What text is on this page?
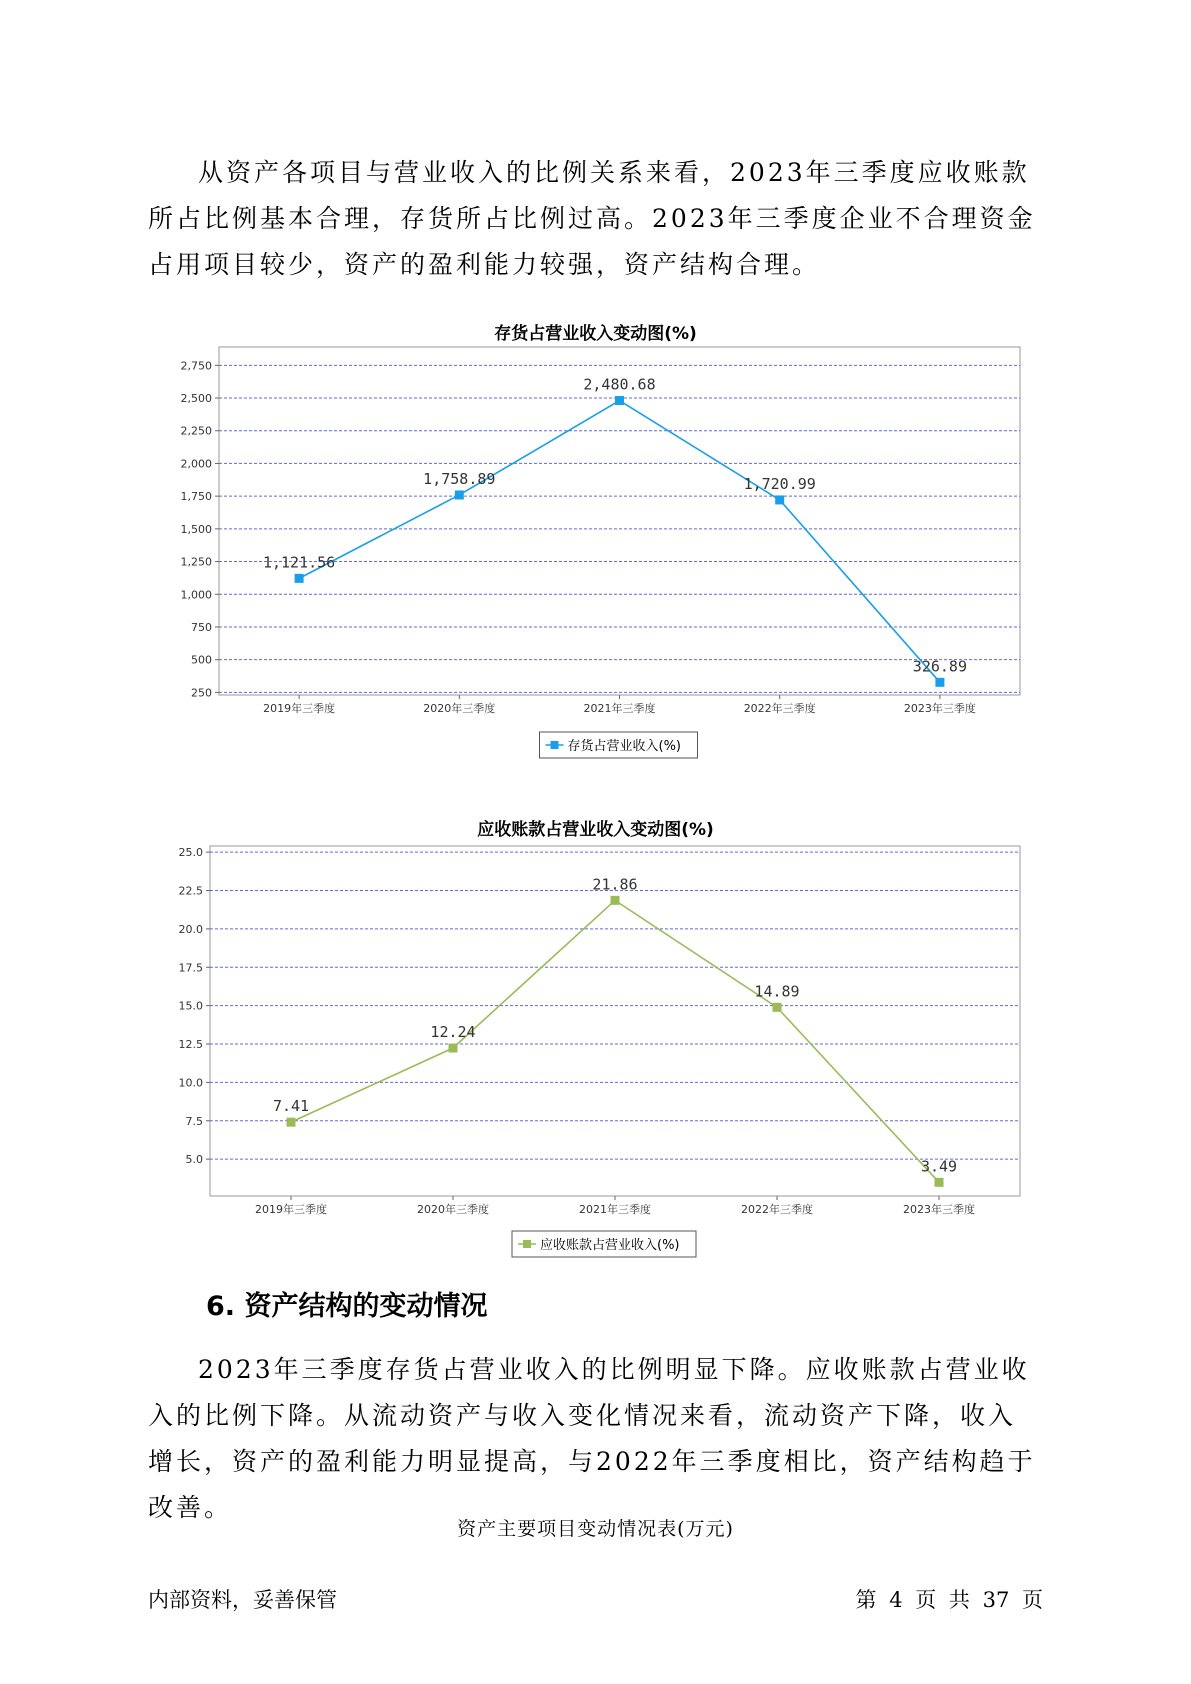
从资产各项目与营业收入的比例关系来看，2023年三季度应收账款所占比例基本合理，存货所占比例过高。2023年三季度企业不合理资金占用项目较少，资产的盈利能力较强，资产结构合理。

存货占营业收入变动图(%)
250
500
750
1,000
1,250
1,500
1,750
2,000
2,250
2,500
2,750
2019年三季度	2020年三季度	2021年三季度	2022年三季度	2023年三季度
1,121.56
1,758.89
2,480.68
1,720.99
326.89
存货占营业收入(%)
应收账款占营业收入变动图(%)
5.0
7.5
10.0
12.5
15.0
17.5
20.0
22.5
25.0
2019年三季度	2020年三季度	2021年三季度	2022年三季度	2023年三季度
7.41
12.24
21.86
14.89
3.49
应收账款占营业收入(%)
6. 资产结构的变动情况

2023年三季度存货占营业收入的比例明显下降。应收账款占营业收入的比例下降。从流动资产与收入变化情况来看，流动资产下降，收入增长，资产的盈利能力明显提高，与2022年三季度相比，资产结构趋于改善。

资产主要项目变动情况表(万元)
内部资料，妥善保管	第 4 页 共 37 页
